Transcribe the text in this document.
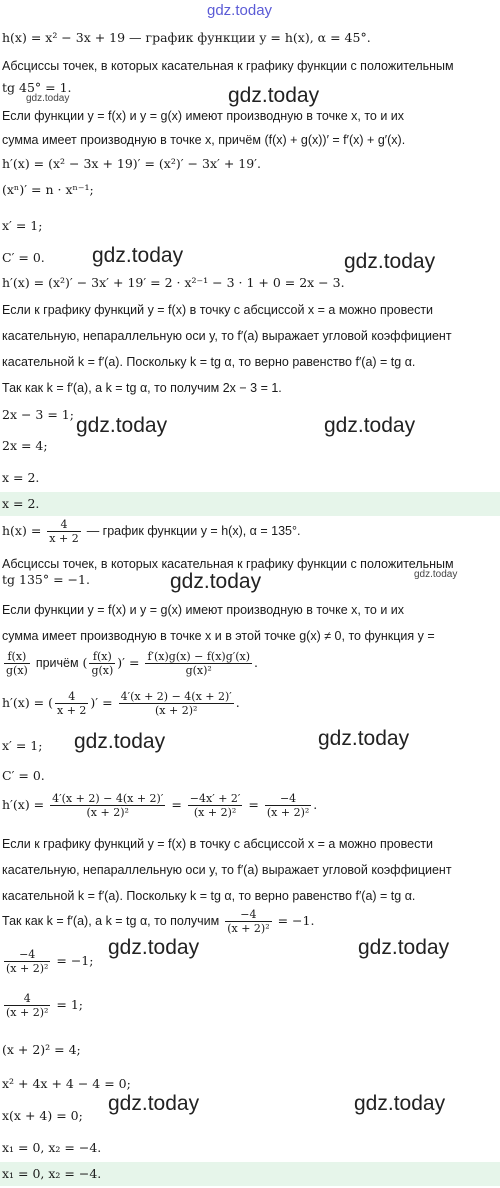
gdz.today
h(x) = x² − 3x + 19 — график функции y = h(x), α = 45°.
Абсциссы точек, в которых касательная к графику функции с положительным
tg 45° = 1.
gdz.today	gdz.today
Если функции y = f(x) и y = g(x) имеют производную в точке x, то и их
сумма имеет производную в точке x, причём (f(x) + g(x))′ = f′(x) + g′(x).
h′(x) = (x² − 3x + 19)′ = (x²)′ − 3x′ + 19′.
(xⁿ)′ = n · xⁿ⁻¹;
x′ = 1;
C′ = 0.	gdz.today	gdz.today
h′(x) = (x²)′ − 3x′ + 19′ = 2 · x²⁻¹ − 3 · 1 + 0 = 2x − 3.
Если к графику функций y = f(x) в точку с абсциссой x = a можно провести
касательную, непараллельную оси y, то f′(a) выражает угловой коэффициент
касательной k = f′(a). Поскольку k = tg α, то верно равенство f′(a) = tg α.
Так как k = f′(a), а k = tg α, то получим 2x − 3 = 1.
2x − 3 = 1; gdz.today	gdz.today
2x = 4;
x = 2.
x = 2.
$h(x) = \frac{4}{x + 2}$ — график функции y = h(x), α = 135°.
Абсциссы точек, в которых касательная к графику функции с положительным
tg 135° = −1.	gdz.today	gdz.today
Если функции y = f(x) и y = g(x) имеют производную в точке x, то и их
сумма имеет производную в точке x и в этой точке g(x) ≠ 0, то функция y =
$\frac{f(x)}{g(x)}$ причём ( $\frac{f(x)}{g(x)}$ )′ = $\frac{f'(x)g(x) - f(x)g'(x)}{\text{g(x)²}}$ .
h′(x) = ( $\frac{4}{x + 2}$ )′ = $\frac{4'(x + 2) - 4(x + 2)'}{\text{(x + 2)²}}$ .
x′ = 1;	gdz.today	gdz.today
C′ = 0.
$h'(x) = \frac{4'(x + 2) - 4(x + 2)'}{\text{(x + 2)²}} = \frac{-4x' + 2'}{\text{(x + 2)²}} = \frac{-4}{\text{(x + 2)²}}$ .
Если к графику функций y = f(x) в точку с абсциссой x = a можно провести
касательную, непараллельную оси y, то f′(a) выражает угловой коэффициент
касательной k = f′(a). Поскольку k = tg α, то верно равенство f′(a) = tg α.
Так как k = f′(a), а k = tg α, то получим $\frac{-4}{\text{(x + 2)²}} = -1$.
$\frac{-4}{\text{(x + 2)²}} = -1$;
gdz.today	gdz.today
$\frac{4}{\text{(x + 2)²}} = 1$;
(x + 2)² = 4;
x² + 4x + 4 − 4 = 0;
x(x + 4) = 0;
gdz.today	gdz.today
x₁ = 0, x₂ = −4.
x₁ = 0, x₂ = −4.
